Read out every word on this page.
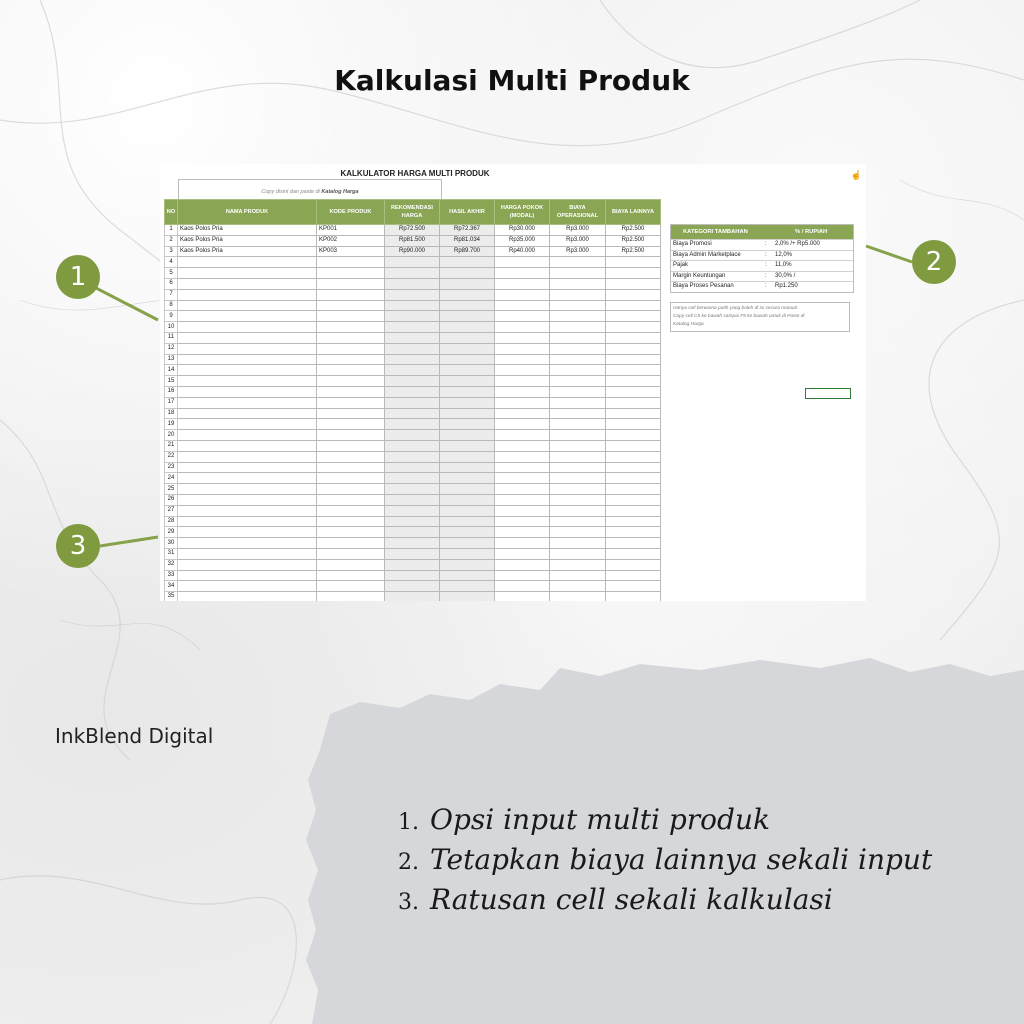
Kalkulasi Multi Produk
KALKULATOR HARGA MULTI PRODUK
Copy disini dan paste di Katalog Harga
☝
NO	NAMA PRODUK	KODE PRODUK	REKOMENDASI HARGA	HASIL AKHIR	HARGA POKOK (MODAL)	BIAYA OPERASIONAL	BIAYA LAINNYA
1	Kaos Polos Pria	KP001	Rp72.500	Rp72.367	Rp30.000	Rp3.000	Rp2.500
2	Kaos Polos Pria	KP002	Rp81.500	Rp81.034	Rp35.000	Rp3.000	Rp2.500
3	Kaos Polos Pria	KP003	Rp90.000	Rp89.700	Rp40.000	Rp3.000	Rp2.500
4							
5							
6							
7							
8							
9							
10							
11							
12							
13							
14							
15							
16							
17							
18							
19							
20							
21							
22							
23							
24							
25							
26							
27							
28							
29							
30							
31							
32							
33							
34							
35							
KATEGORI TAMBAHAN	% / RUPIAH
Biaya Promosi	:	2,0% /+ Rp5.000
Biaya Admin Marketplace	:	12,0%
Pajak	:	11,0%
Margin Keuntungan	:	30,0% /
Biaya Proses Pesanan	:	Rp1.250
Hanya cell berwarna putih yang boleh di isi secara manual
Copy cell C5 ke bawah sampai F5 ke bawah untuk di Paste di
Katalog Harga
1	2
3
InkBlend Digital
1. Opsi input multi produk
2. Tetapkan biaya lainnya sekali input
3. Ratusan cell sekali kalkulasi
